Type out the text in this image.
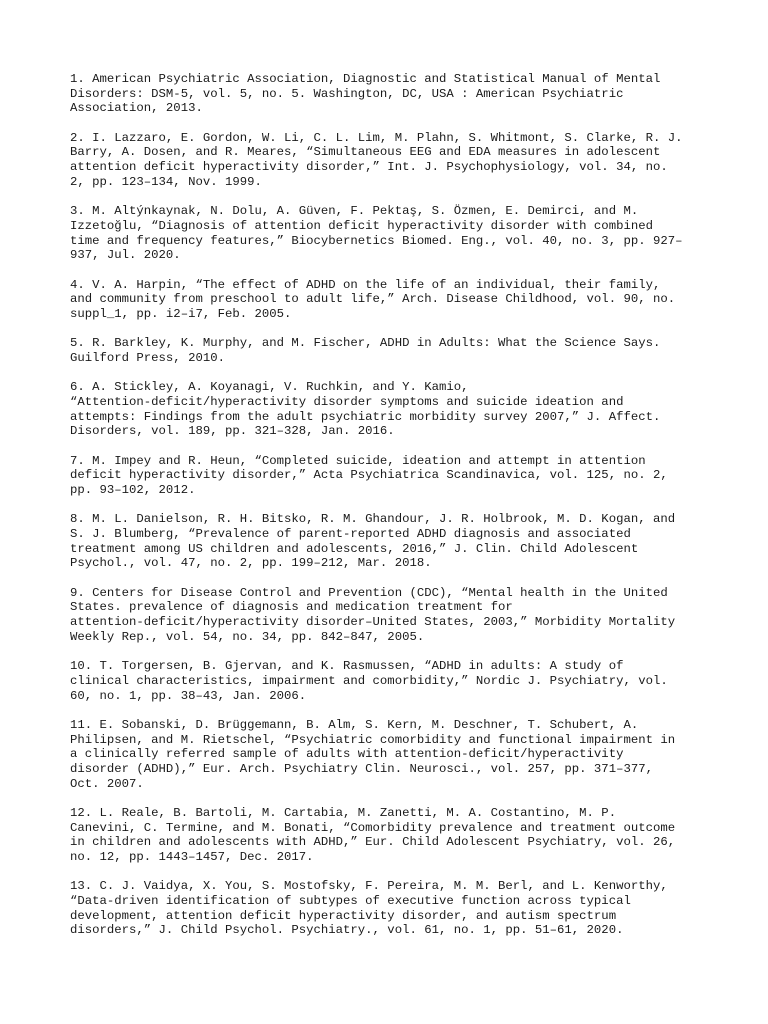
1. American Psychiatric Association, Diagnostic and Statistical Manual of Mental
Disorders: DSM-5, vol. 5, no. 5. Washington, DC, USA : American Psychiatric
Association, 2013.

2. I. Lazzaro, E. Gordon, W. Li, C. L. Lim, M. Plahn, S. Whitmont, S. Clarke, R. J.
Barry, A. Dosen, and R. Meares, “Simultaneous EEG and EDA measures in adolescent
attention deficit hyperactivity disorder,” Int. J. Psychophysiology, vol. 34, no.
2, pp. 123–134, Nov. 1999.

3. M. Altýnkaynak, N. Dolu, A. Güven, F. Pektaş, S. Özmen, E. Demirci, and M.
Izzetoğlu, “Diagnosis of attention deficit hyperactivity disorder with combined
time and frequency features,” Biocybernetics Biomed. Eng., vol. 40, no. 3, pp. 927–
937, Jul. 2020.

4. V. A. Harpin, “The effect of ADHD on the life of an individual, their family,
and community from preschool to adult life,” Arch. Disease Childhood, vol. 90, no.
suppl_1, pp. i2–i7, Feb. 2005.

5. R. Barkley, K. Murphy, and M. Fischer, ADHD in Adults: What the Science Says.
Guilford Press, 2010.

6. A. Stickley, A. Koyanagi, V. Ruchkin, and Y. Kamio,
“Attention-deficit/hyperactivity disorder symptoms and suicide ideation and
attempts: Findings from the adult psychiatric morbidity survey 2007,” J. Affect.
Disorders, vol. 189, pp. 321–328, Jan. 2016.

7. M. Impey and R. Heun, “Completed suicide, ideation and attempt in attention
deficit hyperactivity disorder,” Acta Psychiatrica Scandinavica, vol. 125, no. 2,
pp. 93–102, 2012.

8. M. L. Danielson, R. H. Bitsko, R. M. Ghandour, J. R. Holbrook, M. D. Kogan, and
S. J. Blumberg, “Prevalence of parent-reported ADHD diagnosis and associated
treatment among US children and adolescents, 2016,” J. Clin. Child Adolescent
Psychol., vol. 47, no. 2, pp. 199–212, Mar. 2018.

9. Centers for Disease Control and Prevention (CDC), “Mental health in the United
States. prevalence of diagnosis and medication treatment for
attention-deficit/hyperactivity disorder–United States, 2003,” Morbidity Mortality
Weekly Rep., vol. 54, no. 34, pp. 842–847, 2005.

10. T. Torgersen, B. Gjervan, and K. Rasmussen, “ADHD in adults: A study of
clinical characteristics, impairment and comorbidity,” Nordic J. Psychiatry, vol.
60, no. 1, pp. 38–43, Jan. 2006.

11. E. Sobanski, D. Brüggemann, B. Alm, S. Kern, M. Deschner, T. Schubert, A.
Philipsen, and M. Rietschel, “Psychiatric comorbidity and functional impairment in
a clinically referred sample of adults with attention-deficit/hyperactivity
disorder (ADHD),” Eur. Arch. Psychiatry Clin. Neurosci., vol. 257, pp. 371–377,
Oct. 2007.

12. L. Reale, B. Bartoli, M. Cartabia, M. Zanetti, M. A. Costantino, M. P.
Canevini, C. Termine, and M. Bonati, “Comorbidity prevalence and treatment outcome
in children and adolescents with ADHD,” Eur. Child Adolescent Psychiatry, vol. 26,
no. 12, pp. 1443–1457, Dec. 2017.

13. C. J. Vaidya, X. You, S. Mostofsky, F. Pereira, M. M. Berl, and L. Kenworthy,
“Data-driven identification of subtypes of executive function across typical
development, attention deficit hyperactivity disorder, and autism spectrum
disorders,” J. Child Psychol. Psychiatry., vol. 61, no. 1, pp. 51–61, 2020.
